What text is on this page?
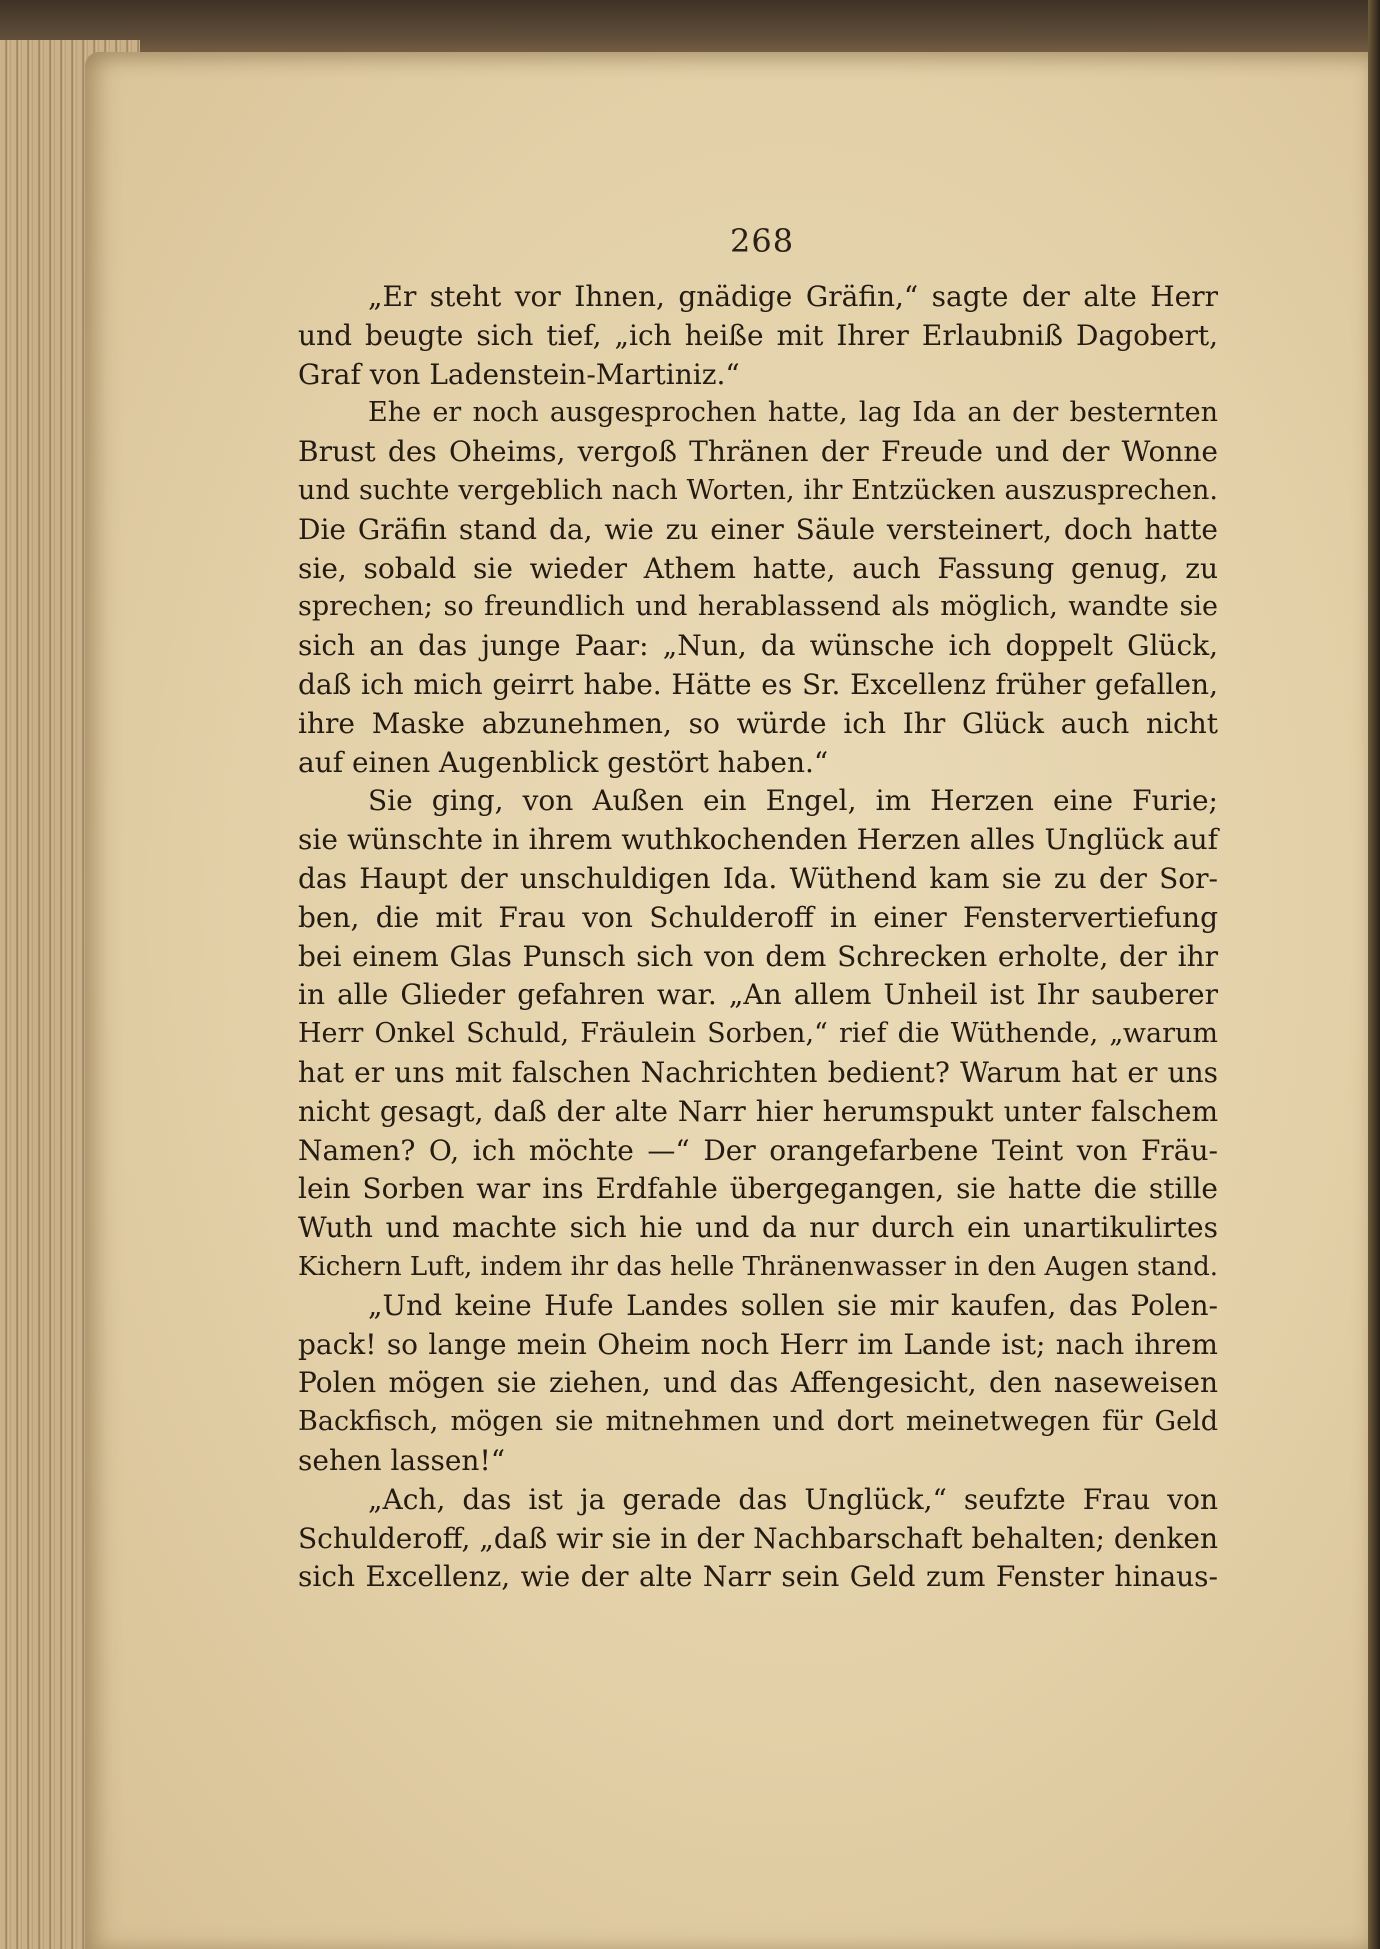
268
„Er steht vor Ihnen, gnädige Gräfin,“ sagte der alte Herr
und beugte sich tief, „ich heiße mit Ihrer Erlaubniß Dagobert,
Graf von Ladenstein-Martiniz.“
Ehe er noch ausgesprochen hatte, lag Ida an der besternten
Brust des Oheims, vergoß Thränen der Freude und der Wonne
und suchte vergeblich nach Worten, ihr Entzücken auszusprechen.
Die Gräfin stand da, wie zu einer Säule versteinert, doch hatte
sie, sobald sie wieder Athem hatte, auch Fassung genug, zu
sprechen; so freundlich und herablassend als möglich, wandte sie
sich an das junge Paar: „Nun, da wünsche ich doppelt Glück,
daß ich mich geirrt habe. Hätte es Sr. Excellenz früher gefallen,
ihre Maske abzunehmen, so würde ich Ihr Glück auch nicht
auf einen Augenblick gestört haben.“
Sie ging, von Außen ein Engel, im Herzen eine Furie;
sie wünschte in ihrem wuthkochenden Herzen alles Unglück auf
das Haupt der unschuldigen Ida. Wüthend kam sie zu der Sor-
ben, die mit Frau von Schulderoff in einer Fenstervertiefung
bei einem Glas Punsch sich von dem Schrecken erholte, der ihr
in alle Glieder gefahren war. „An allem Unheil ist Ihr sauberer
Herr Onkel Schuld, Fräulein Sorben,“ rief die Wüthende, „warum
hat er uns mit falschen Nachrichten bedient? Warum hat er uns
nicht gesagt, daß der alte Narr hier herumspukt unter falschem
Namen? O, ich möchte —“ Der orangefarbene Teint von Fräu-
lein Sorben war ins Erdfahle übergegangen, sie hatte die stille
Wuth und machte sich hie und da nur durch ein unartikulirtes
Kichern Luft, indem ihr das helle Thränenwasser in den Augen stand.
„Und keine Hufe Landes sollen sie mir kaufen, das Polen-
pack! so lange mein Oheim noch Herr im Lande ist; nach ihrem
Polen mögen sie ziehen, und das Affengesicht, den naseweisen
Backfisch, mögen sie mitnehmen und dort meinetwegen für Geld
sehen lassen!“
„Ach, das ist ja gerade das Unglück,“ seufzte Frau von
Schulderoff, „daß wir sie in der Nachbarschaft behalten; denken
sich Excellenz, wie der alte Narr sein Geld zum Fenster hinaus-
